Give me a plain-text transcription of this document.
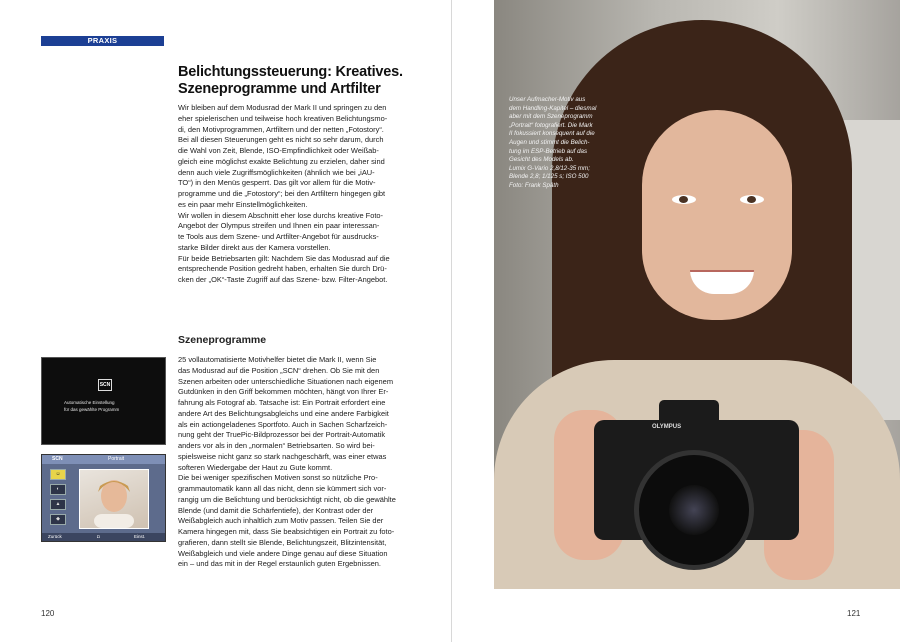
PRAXIS
Belichtungssteuerung: Kreatives.
Szeneprogramme und Artfilter

Wir bleiben auf dem Modusrad der Mark II und springen zu den

eher spielerischen und teilweise hoch kreativen Belichtungsmo-

di, den Motivprogrammen, Artfiltern und der netten „Fotostory“.

Bei all diesen Steuerungen geht es nicht so sehr darum, durch

die Wahl von Zeit, Blende, ISO-Empfindlichkeit oder Weißab-

gleich eine möglichst exakte Belichtung zu erzielen, daher sind

denn auch viele Zugriffsmöglichkeiten (ähnlich wie bei „iAU-

TO“) in den Menüs gesperrt. Das gilt vor allem für die Motiv-

programme und die „Fotostory“; bei den Artfiltern hingegen gibt

es ein paar mehr Einstellmöglichkeiten.

Wir wollen in diesem Abschnitt eher lose durchs kreative Foto-

Angebot der Olympus streifen und Ihnen ein paar interessan-

te Tools aus dem Szene- und Artfilter-Angebot für ausdrucks-

starke Bilder direkt aus der Kamera vorstellen.

Für beide Betriebsarten gilt: Nachdem Sie das Modusrad auf die

entsprechende Position gedreht haben, erhalten Sie durch Drü-

cken der „OK“-Taste Zugriff auf das Szene- bzw. Filter-Angebot.

Szeneprogramme

25 vollautomatisierte Motivhelfer bietet die Mark II, wenn Sie

das Modusrad auf die Position „SCN“ drehen. Ob Sie mit den

Szenen arbeiten oder unterschiedliche Situationen nach eigenem

Gutdünken in den Griff bekommen möchten, hängt von Ihrer Er-

fahrung als Fotograf ab. Tatsache ist: Ein Portrait erfordert eine

andere Art des Belichtungsabgleichs und eine andere Farbigkeit

als ein actiongeladenes Sportfoto. Auch in Sachen Scharfzeich-

nung geht der TruePic-Bildprozessor bei der Portrait-Automatik

anders vor als in den „normalen“ Betriebsarten. So wird bei-

spielsweise nicht ganz so stark nachgeschärft, was einer etwas

softeren Wiedergabe der Haut zu Gute kommt.

Die bei weniger spezifischen Motiven sonst so nützliche Pro-

grammautomatik kann all das nicht, denn sie kümmert sich vor-

rangig um die Belichtung und berücksichtigt nicht, ob die gewählte

Blende (und damit die Schärfentiefe), der Kontrast oder der

Weißabgleich auch inhaltlich zum Motiv passen. Teilen Sie der

Kamera hingegen mit, dass Sie beabsichtigen ein Portrait zu foto-

grafieren, dann stellt sie Blende, Belichtungszeit, Blitzintensität,

Weißabgleich und viele andere Dinge genau auf diese Situation

ein – und das mit in der Regel erstaunlich guten Ergebnissen.

SCN
Automatische Einstellung
für das gewählte Programm
SCN	Portrait
☺
◐
▲
◆
Zurück	◘	Einst.
120	121
OLYMPUS

Unser Aufmacher-Motiv aus

dem Handling-Kapitel – diesmal

aber mit dem Szeneprogramm

„Portrait“ fotografiert. Die Mark

II fokussiert konsequent auf die

Augen und stimmt die Belich-

tung im ESP-Betrieb auf das

Gesicht des Models ab.

Lumix G-Vario 2,8/12-35 mm;

Blende 2,8; 1/125 s; ISO 500

Foto: Frank Späth
